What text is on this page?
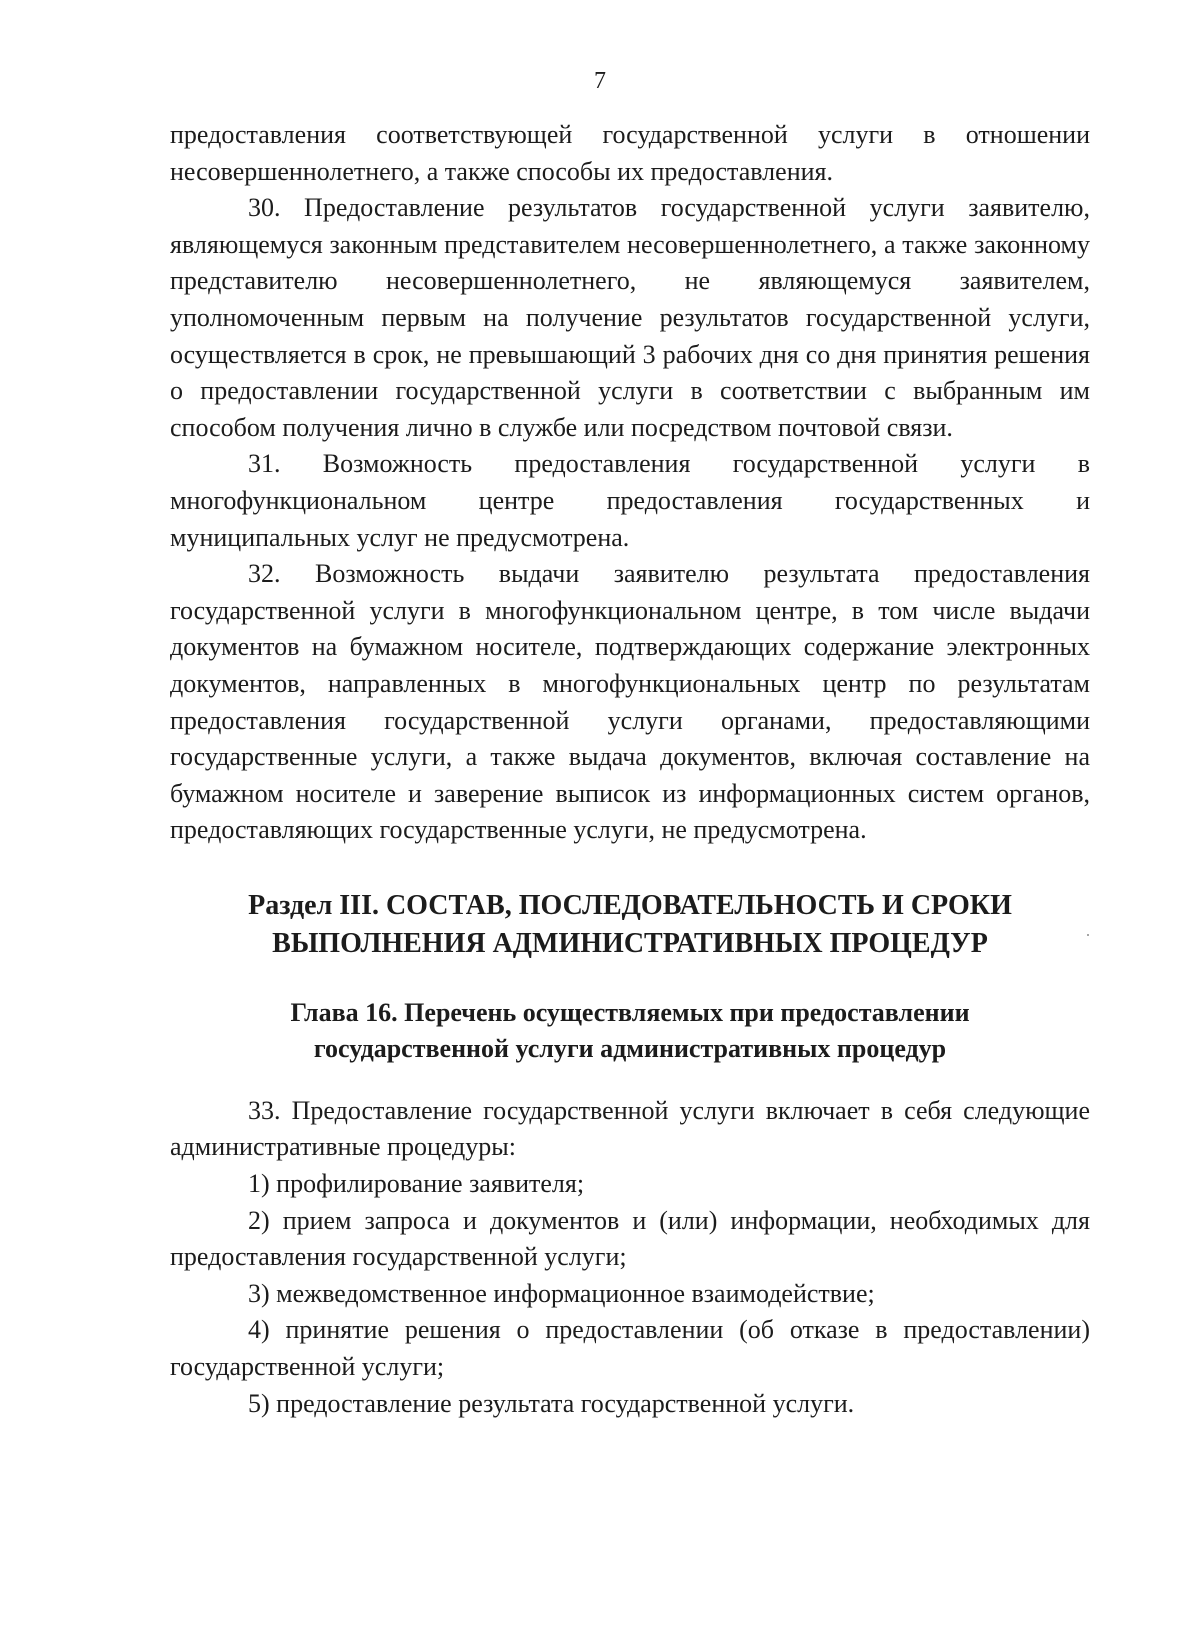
7

предоставления соответствующей государственной услуги в отношении несовершеннолетнего, а также способы их предоставления.

30. Предоставление результатов государственной услуги заявителю, являющемуся законным представителем несовершеннолетнего, а также законному представителю несовершеннолетнего, не являющемуся заявителем, уполномоченным первым на получение результатов государственной услуги, осуществляется в срок, не превышающий 3 рабочих дня со дня принятия решения о предоставлении государственной услуги в соответствии с выбранным им способом получения лично в службе или посредством почтовой связи.

31. Возможность предоставления государственной услуги в многофункциональном центре предоставления государственных и муниципальных услуг не предусмотрена.

32. Возможность выдачи заявителю результата предоставления государственной услуги в многофункциональном центре, в том числе выдачи документов на бумажном носителе, подтверждающих содержание электронных документов, направленных в многофункциональных центр по результатам предоставления государственной услуги органами, предоставляющими государственные услуги, а также выдача документов, включая составление на бумажном носителе и заверение выписок из информационных систем органов, предоставляющих государственные услуги, не предусмотрена.

Раздел III. СОСТАВ, ПОСЛЕДОВАТЕЛЬНОСТЬ И СРОКИ
ВЫПОЛНЕНИЯ АДМИНИСТРАТИВНЫХ ПРОЦЕДУР
Глава 16. Перечень осуществляемых при предоставлении
государственной услуги административных процедур

33. Предоставление государственной услуги включает в себя следующие административные процедуры:

1) профилирование заявителя;

2) прием запроса и документов и (или) информации, необходимых для предоставления государственной услуги;

3) межведомственное информационное взаимодействие;

4) принятие решения о предоставлении (об отказе в предоставлении) государственной услуги;

5) предоставление результата государственной услуги.
